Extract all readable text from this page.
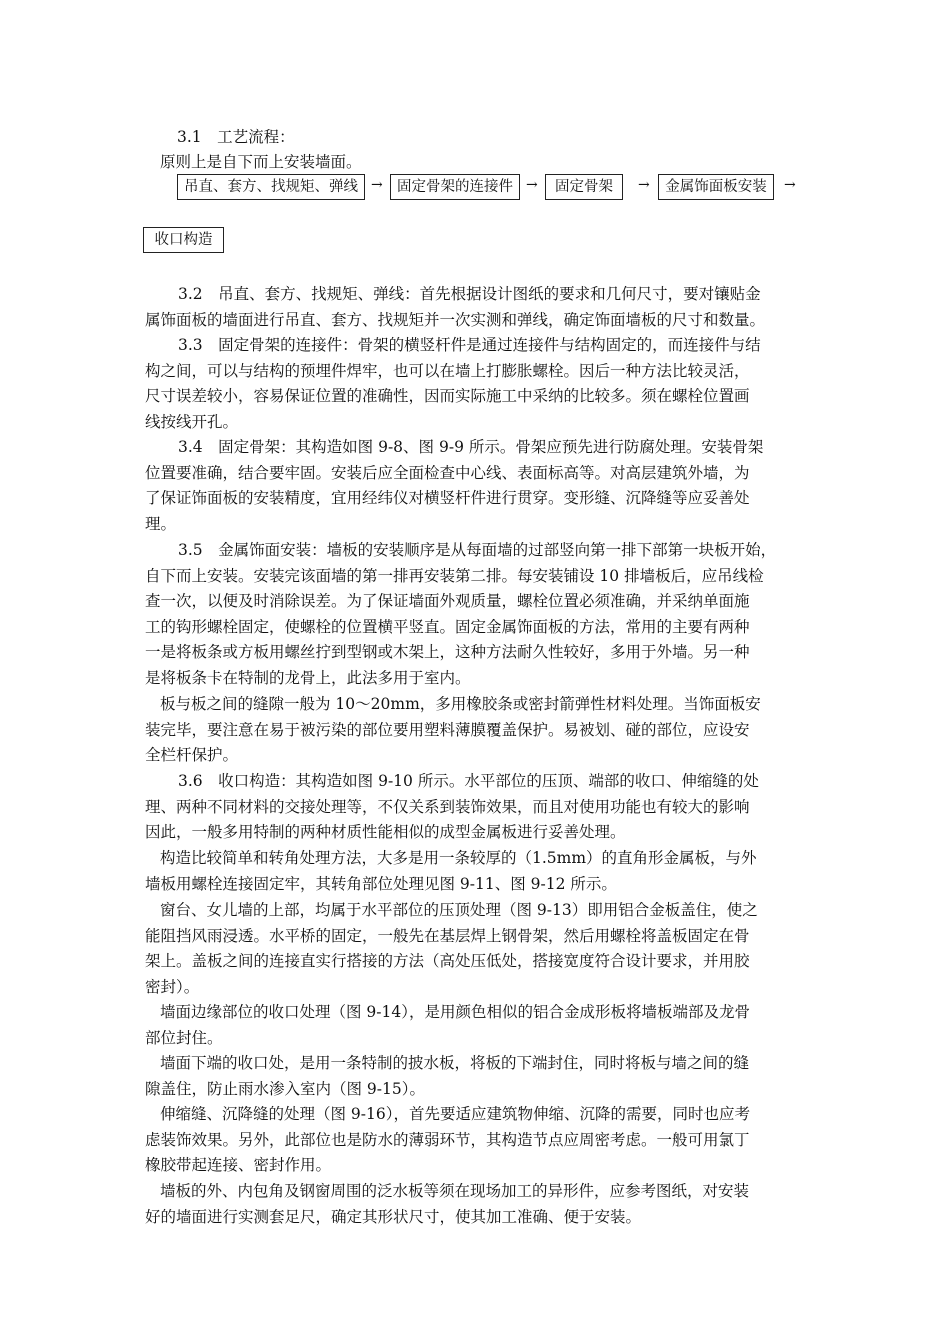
3.1　工艺流程：
原则上是自下而上安装墙面。
吊直、套方、找规矩、弹线 → 固定骨架的连接件 →	固定骨架	→	金属饰面板安装	→
收口构造
3.2　吊直、套方、找规矩、弹线：首先根据设计图纸的要求和几何尺寸，要对镶贴金
属饰面板的墙面进行吊直、套方、找规矩并一次实测和弹线，确定饰面墙板的尺寸和数量。
3.3　固定骨架的连接件：骨架的横竖杆件是通过连接件与结构固定的，而连接件与结
构之间，可以与结构的预埋件焊牢，也可以在墙上打膨胀螺栓。因后一种方法比较灵活，
尺寸误差较小，容易保证位置的准确性，因而实际施工中采纳的比较多。须在螺栓位置画
线按线开孔。
3.4　固定骨架：其构造如图 9-8、图 9-9 所示。骨架应预先进行防腐处理。安装骨架
位置要准确，结合要牢固。安装后应全面检查中心线、表面标高等。对高层建筑外墙，为
了保证饰面板的安装精度，宜用经纬仪对横竖杆件进行贯穿。变形缝、沉降缝等应妥善处
理。
3.5　金属饰面安装：墙板的安装顺序是从每面墙的过部竖向第一排下部第一块板开始，
自下而上安装。安装完该面墙的第一排再安装第二排。每安装铺设 10 排墙板后，应吊线检
查一次，以便及时消除误差。为了保证墙面外观质量，螺栓位置必须准确，并采纳单面施
工的钩形螺栓固定，使螺栓的位置横平竖直。固定金属饰面板的方法，常用的主要有两种
一是将板条或方板用螺丝拧到型钢或木架上，这种方法耐久性较好，多用于外墙。另一种
是将板条卡在特制的龙骨上，此法多用于室内。
板与板之间的缝隙一般为 10～20mm，多用橡胶条或密封箭弹性材料处理。当饰面板安
装完毕，要注意在易于被污染的部位要用塑料薄膜覆盖保护。易被划、碰的部位，应设安
全栏杆保护。
3.6　收口构造：其构造如图 9-10 所示。水平部位的压顶、端部的收口、伸缩缝的处
理、两种不同材料的交接处理等，不仅关系到装饰效果，而且对使用功能也有较大的影响
因此，一般多用特制的两种材质性能相似的成型金属板进行妥善处理。
构造比较简单和转角处理方法，大多是用一条较厚的（1.5mm）的直角形金属板，与外
墙板用螺栓连接固定牢，其转角部位处理见图 9-11、图 9-12 所示。
窗台、女儿墙的上部，均属于水平部位的压顶处理（图 9-13）即用铝合金板盖住，使之
能阻挡风雨浸透。水平桥的固定，一般先在基层焊上钢骨架，然后用螺栓将盖板固定在骨
架上。盖板之间的连接直实行搭接的方法（高处压低处，搭接宽度符合设计要求，并用胶
密封）。
墙面边缘部位的收口处理（图 9-14），是用颜色相似的铝合金成形板将墙板端部及龙骨
部位封住。
墙面下端的收口处，是用一条特制的披水板，将板的下端封住，同时将板与墙之间的缝
隙盖住，防止雨水渗入室内（图 9-15）。
伸缩缝、沉降缝的处理（图 9-16），首先要适应建筑物伸缩、沉降的需要，同时也应考
虑装饰效果。另外，此部位也是防水的薄弱环节，其构造节点应周密考虑。一般可用氯丁
橡胶带起连接、密封作用。
墙板的外、内包角及钢窗周围的泛水板等须在现场加工的异形件，应参考图纸，对安装
好的墙面进行实测套足尺，确定其形状尺寸，使其加工准确、便于安装。
